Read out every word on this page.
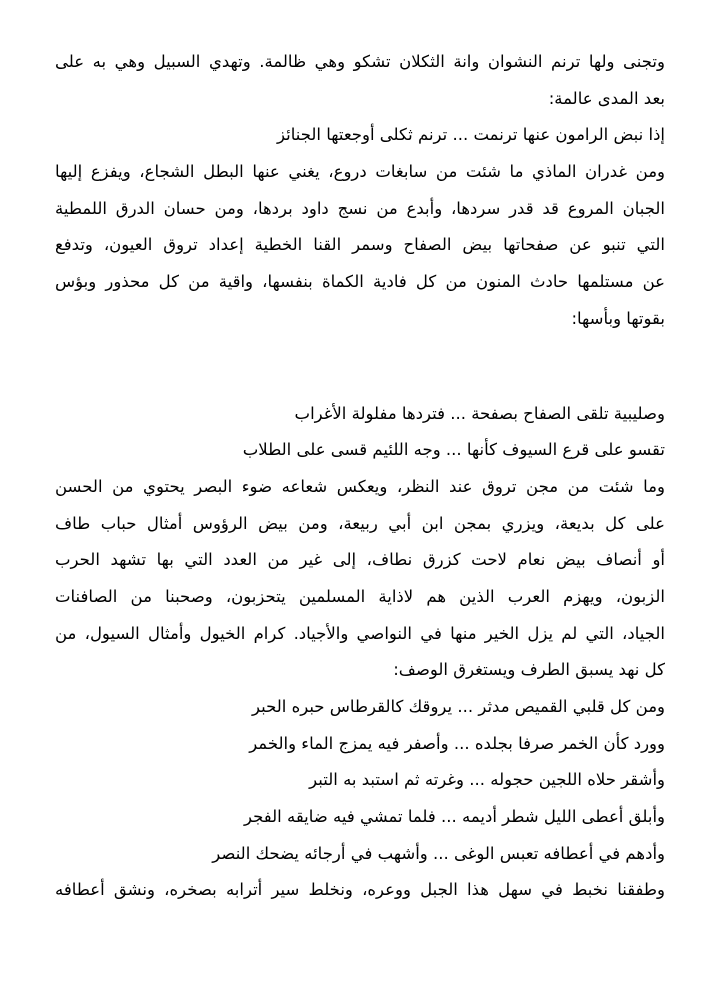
وتجنى ولها ترنم النشوان وانة الثكلان تشكو وهي ظالمة. وتهدي السبيل وهي به على
بعد المدى عالمة:
إذا نبض الرامون عنها ترنمت ... ترنم ثكلى أوجعتها الجنائز
ومن غدران الماذي ما شئت من سابغات دروع، يغني عنها البطل الشجاع، ويفزع إليها
الجبان المروع قد قدر سردها، وأبدع من نسج داود بردها، ومن حسان الدرق اللمطية
التي تنبو عن صفحاتها بيض الصفاح وسمر القنا الخطية إعداد تروق العيون، وتدفع
عن مستلمها حادث المنون من كل فادية الكماة بنفسها، واقية من كل محذور وبؤس
بقوتها وبأسها:
وصليبية تلقى الصفاح بصفحة ... فتردها مفلولة الأغراب
تقسو على قرع السيوف كأنها ... وجه اللئيم قسى على الطلاب
وما شئت من مجن تروق عند النظر، ويعكس شعاعه ضوء البصر يحتوي من الحسن
على كل بديعة، ويزري بمجن ابن أبي ربيعة، ومن بيض الرؤوس أمثال حباب طاف
أو أنصاف بيض نعام لاحت كزرق نطاف، إلى غير من العدد التي بها تشهد الحرب
الزبون، ويهزم العرب الذين هم لاذاية المسلمين يتحزبون، وصحبنا من الصافنات
الجياد، التي لم يزل الخير منها في النواصي والأجياد. كرام الخيول وأمثال السيول، من
كل نهد يسبق الطرف ويستغرق الوصف:
ومن كل قلبي القميص مدثر ... يروقك كالقرطاس حبره الحبر
وورد كأن الخمر صرفا بجلده ... وأصفر فيه يمزج الماء والخمر
وأشقر حلاه اللجين حجوله ... وغرته ثم استبد به التبر
وأبلق أعطى الليل شطر أديمه ... فلما تمشي فيه ضايقه الفجر
وأدهم في أعطافه تعبس الوغى ... وأشهب في أرجائه يضحك النصر
وطفقنا نخبط في سهل هذا الجبل ووعره، ونخلط سير أترابه بصخره، ونشق أعطافه
